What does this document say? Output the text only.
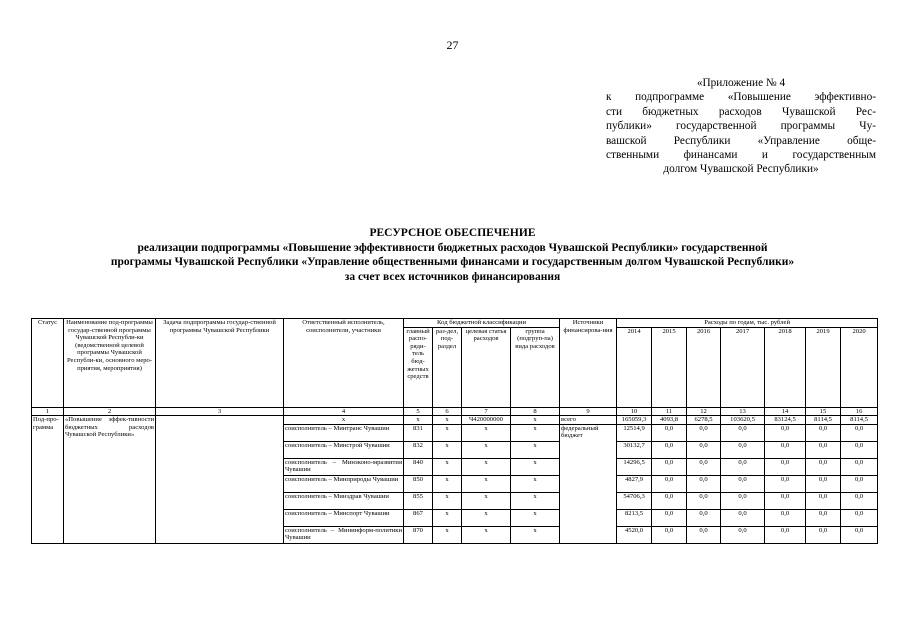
27
«Приложение № 4
к подпрограмме «Повышение эффективно-
сти бюджетных расходов Чувашской Рес-
публики» государственной программы Чу-
вашской Республики «Управление обще-
ственными финансами и государственным
долгом Чувашской Республики»
РЕСУРСНОЕ ОБЕСПЕЧЕНИЕ
реализации подпрограммы «Повышение эффективности бюджетных расходов Чувашской Республики» государственной
программы Чувашской Республики «Управление общественными финансами и государственным долгом Чувашской Республики»
за счет всех источников финансирования
Статус	Наименование под-программы государ-ственной программы Чувашской Республи-ки (ведомственной целевой программы Чувашской Республи-ки, основного меро-приятия, мероприятия)	Задача подпрограммы государ-ственной программы Чувашской Республики	Ответственный исполнитель, соисполнители, участники	Код бюджетной классификации				Источники финансирова-ния	Расходы по годам, тыс. рублей						
				главный распо-ряди-тель бюд-жетных средств	раз-дел, под-раздел	целевая статья расходов	группа (подгруп-па) вида расходов		2014	2015	2016	2017	2018	2019	2020
1	2	3	4	5	6	7	8	9	10	11	12	13	14	15	16
Под-про-грамма	«Повышение эффек-тивности бюджетных расходов Чувашской Республики»		x	x	x	Ч420000000	x	всего	165059,3	4093,8	6278,5	103620,5	83124,5	8114,5	8114,5
			соисполнитель – Минтранс Чувашии	831	x	x	x	федеральный бюджет	12514,9	0,0	0,0	0,0	0,0	0,0	0,0
			соисполнитель – Минстрой Чувашии	832	x	x	x		30132,7	0,0	0,0	0,0	0,0	0,0	0,0
			соисполнитель – Минэконо-мразвития Чувашии	840	x	x	x		14296,5	0,0	0,0	0,0	0,0	0,0	0,0
			соисполнитель – Минприроды Чувашии	850	x	x	x		4827,9	0,0	0,0	0,0	0,0	0,0	0,0
			соисполнитель – Минздрав Чувашии	855	x	x	x		54706,3	0,0	0,0	0,0	0,0	0,0	0,0
			соисполнитель – Минспорт Чувашии	867	x	x	x		8213,5	0,0	0,0	0,0	0,0	0,0	0,0
			соисполнитель – Мининформ-политики Чувашии	870	x	x	x		4520,0	0,0	0,0	0,0	0,0	0,0	0,0
